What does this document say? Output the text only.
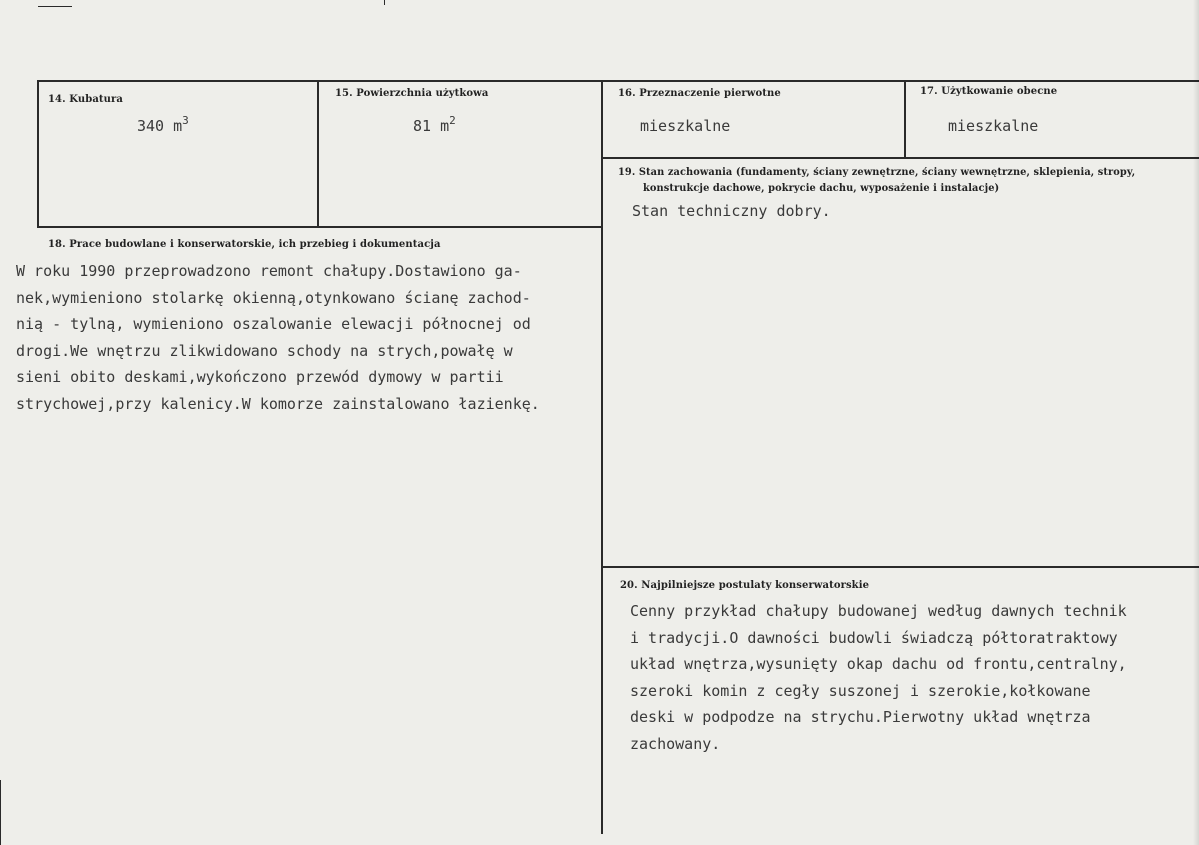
14. Kubatura
340 $m^3$
15. Powierzchnia użytkowa
81 $m^2$
16. Przeznaczenie pierwotne
mieszkalne
17. Użytkowanie obecne
mieszkalne
19. Stan zachowania (fundamenty, ściany zewnętrzne, ściany wewnętrzne, sklepienia, stropy,
konstrukcje dachowe, pokrycie dachu, wyposażenie i instalacje)
Stan techniczny dobry.
18. Prace budowlane i konserwatorskie, ich przebieg i dokumentacja
W roku 1990 przeprowadzono remont chałupy.Dostawiono ga-
nek,wymieniono stolarkę okienną,otynkowano ścianę zachod-
nią - tylną, wymieniono oszalowanie elewacji północnej od
drogi.We wnętrzu zlikwidowano schody na strych,powałę w
sieni obito deskami,wykończono przewód dymowy w partii
strychowej,przy kalenicy.W komorze zainstalowano łazienkę.
20. Najpilniejsze postulaty konserwatorskie
Cenny przykład chałupy budowanej według dawnych technik
i tradycji.O dawności budowli świadczą półtoratraktowy
układ wnętrza,wysunięty okap dachu od frontu,centralny,
szeroki komin z cegły suszonej i szerokie,kołkowane
deski w podpodze na strychu.Pierwotny układ wnętrza
zachowany.
